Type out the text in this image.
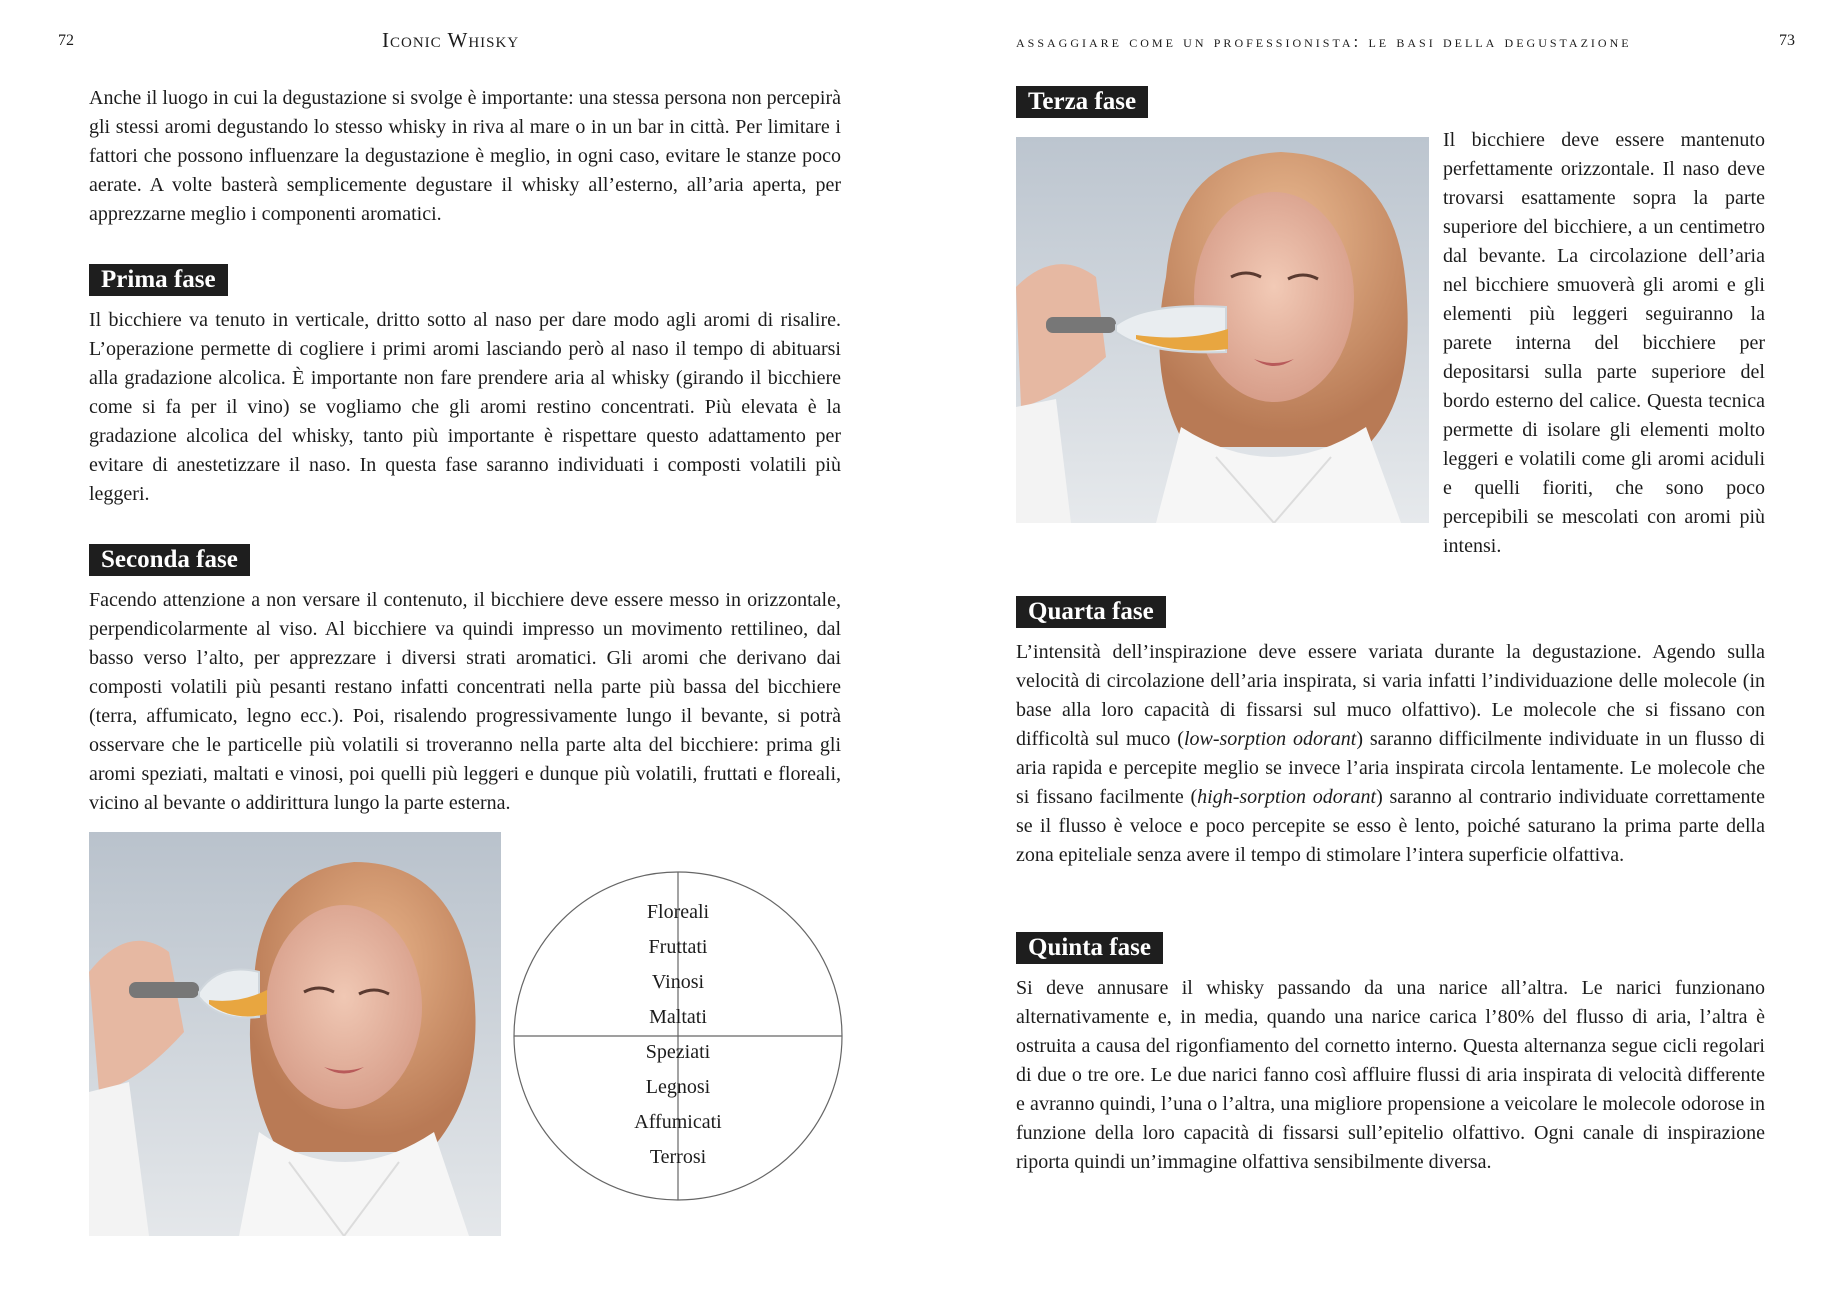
72	Iconic Whisky

Anche il luogo in cui la degustazione si svolge è importante: una stessa persona non percepirà gli stessi aromi degustando lo stesso whisky in riva al mare o in un bar in città. Per limitare i fattori che possono influenzare la degustazione è meglio, in ogni caso, evitare le stanze poco aerate. A volte basterà semplicemente degustare il whisky all’esterno, all’aria aperta, per apprezzarne meglio i componenti aromatici.

Prima fase

Il bicchiere va tenuto in verticale, dritto sotto al naso per dare modo agli aromi di risalire. L’operazione permette di cogliere i primi aromi lasciando però al naso il tempo di abituarsi alla gradazione alcolica. È importante non fare prendere aria al whisky (girando il bicchiere come si fa per il vino) se vogliamo che gli aromi restino concentrati. Più elevata è la gradazione alcolica del whisky, tanto più importante è rispettare questo adattamento per evitare di anestetizzare il naso. In questa fase saranno individuati i composti volatili più leggeri.

Seconda fase

Facendo attenzione a non versare il contenuto, il bicchiere deve essere messo in orizzontale, perpendicolarmente al viso. Al bicchiere va quindi impresso un movimento rettilineo, dal basso verso l’alto, per apprezzare i diversi strati aromatici. Gli aromi che derivano dai composti volatili più pesanti restano infatti concentrati nella parte più bassa del bicchiere (terra, affumicato, legno ecc.). Poi, risalendo progressivamente lungo il bevante, si potrà osservare che le particelle più volatili si troveranno nella parte alta del bicchiere: prima gli aromi speziati, maltati e vinosi, poi quelli più leggeri e dunque più volatili, fruttati e floreali, vicino al bevante o addirittura lungo la parte esterna.

Floreali
Fruttati
Vinosi
Maltati
Speziati
Legnosi
Affumicati
Terrosi
assaggiare come un professionista: le basi della degustazione	73
Terza fase

Il bicchiere deve essere mantenuto perfettamente orizzontale. Il naso deve trovarsi esattamente sopra la parte superiore del bicchiere, a un centimetro dal bevante. La circolazione dell’aria nel bicchiere smuoverà gli aromi e gli elementi più leggeri seguiranno la parete interna del bicchiere per depositarsi sulla parte superiore del bordo esterno del calice. Questa tecnica permette di isolare gli elementi molto leggeri e volatili come gli aromi aciduli e quelli fioriti, che sono poco percepibili se mescolati con aromi più intensi.

Quarta fase

L’intensità dell’inspirazione deve essere variata durante la degustazione. Agendo sulla velocità di circolazione dell’aria inspirata, si varia infatti l’individuazione delle molecole (in base alla loro capacità di fissarsi sul muco olfattivo). Le molecole che si fissano con difficoltà sul muco (low-sorption odorant) saranno difficilmente individuate in un flusso di aria rapida e percepite meglio se invece l’aria inspirata circola lentamente. Le molecole che si fissano facilmente (high-sorption odorant) saranno al contrario individuate correttamente se il flusso è veloce e poco percepite se esso è lento, poiché saturano la prima parte della zona epiteliale senza avere il tempo di stimolare l’intera superficie olfattiva.

Quinta fase

Si deve annusare il whisky passando da una narice all’altra. Le narici funzionano alternativamente e, in media, quando una narice carica l’80% del flusso di aria, l’altra è ostruita a causa del rigonfiamento del cornetto interno. Questa alternanza segue cicli regolari di due o tre ore. Le due narici fanno così affluire flussi di aria inspirata di velocità differente e avranno quindi, l’una o l’altra, una migliore propensione a veicolare le molecole odorose in funzione della loro capacità di fissarsi sull’epitelio olfattivo. Ogni canale di inspirazione riporta quindi un’immagine olfattiva sensibilmente diversa.
